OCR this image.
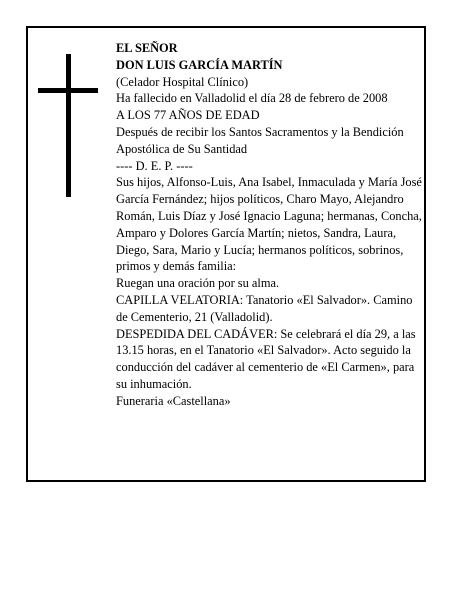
EL SEÑOR

DON LUIS GARCÍA MARTÍN

(Celador Hospital Clínico)

Ha fallecido en Valladolid el día 28 de febrero de 2008

A LOS 77 AÑOS DE EDAD

Después de recibir los Santos Sacramentos y la Bendición Apostólica de Su Santidad

---- D. E. P. ----

Sus hijos, Alfonso-Luis, Ana Isabel, Inmaculada y María José García Fernández; hijos políticos, Charo Mayo, Alejandro Román, Luis Díaz y José Ignacio Laguna; hermanas, Concha, Amparo y Dolores García Martín; nietos, Sandra, Laura, Diego, Sara, Mario y Lucía; hermanos políticos, sobrinos, primos y demás familia:

Ruegan una oración por su alma.

CAPILLA VELATORIA: Tanatorio «El Salvador». Camino de Cementerio, 21 (Valladolid).

DESPEDIDA DEL CADÁVER: Se celebrará el día 29, a las 13.15 horas, en el Tanatorio «El Salvador». Acto seguido la conducción del cadáver al cementerio de «El Carmen», para su inhumación.

Funeraria «Castellana»
